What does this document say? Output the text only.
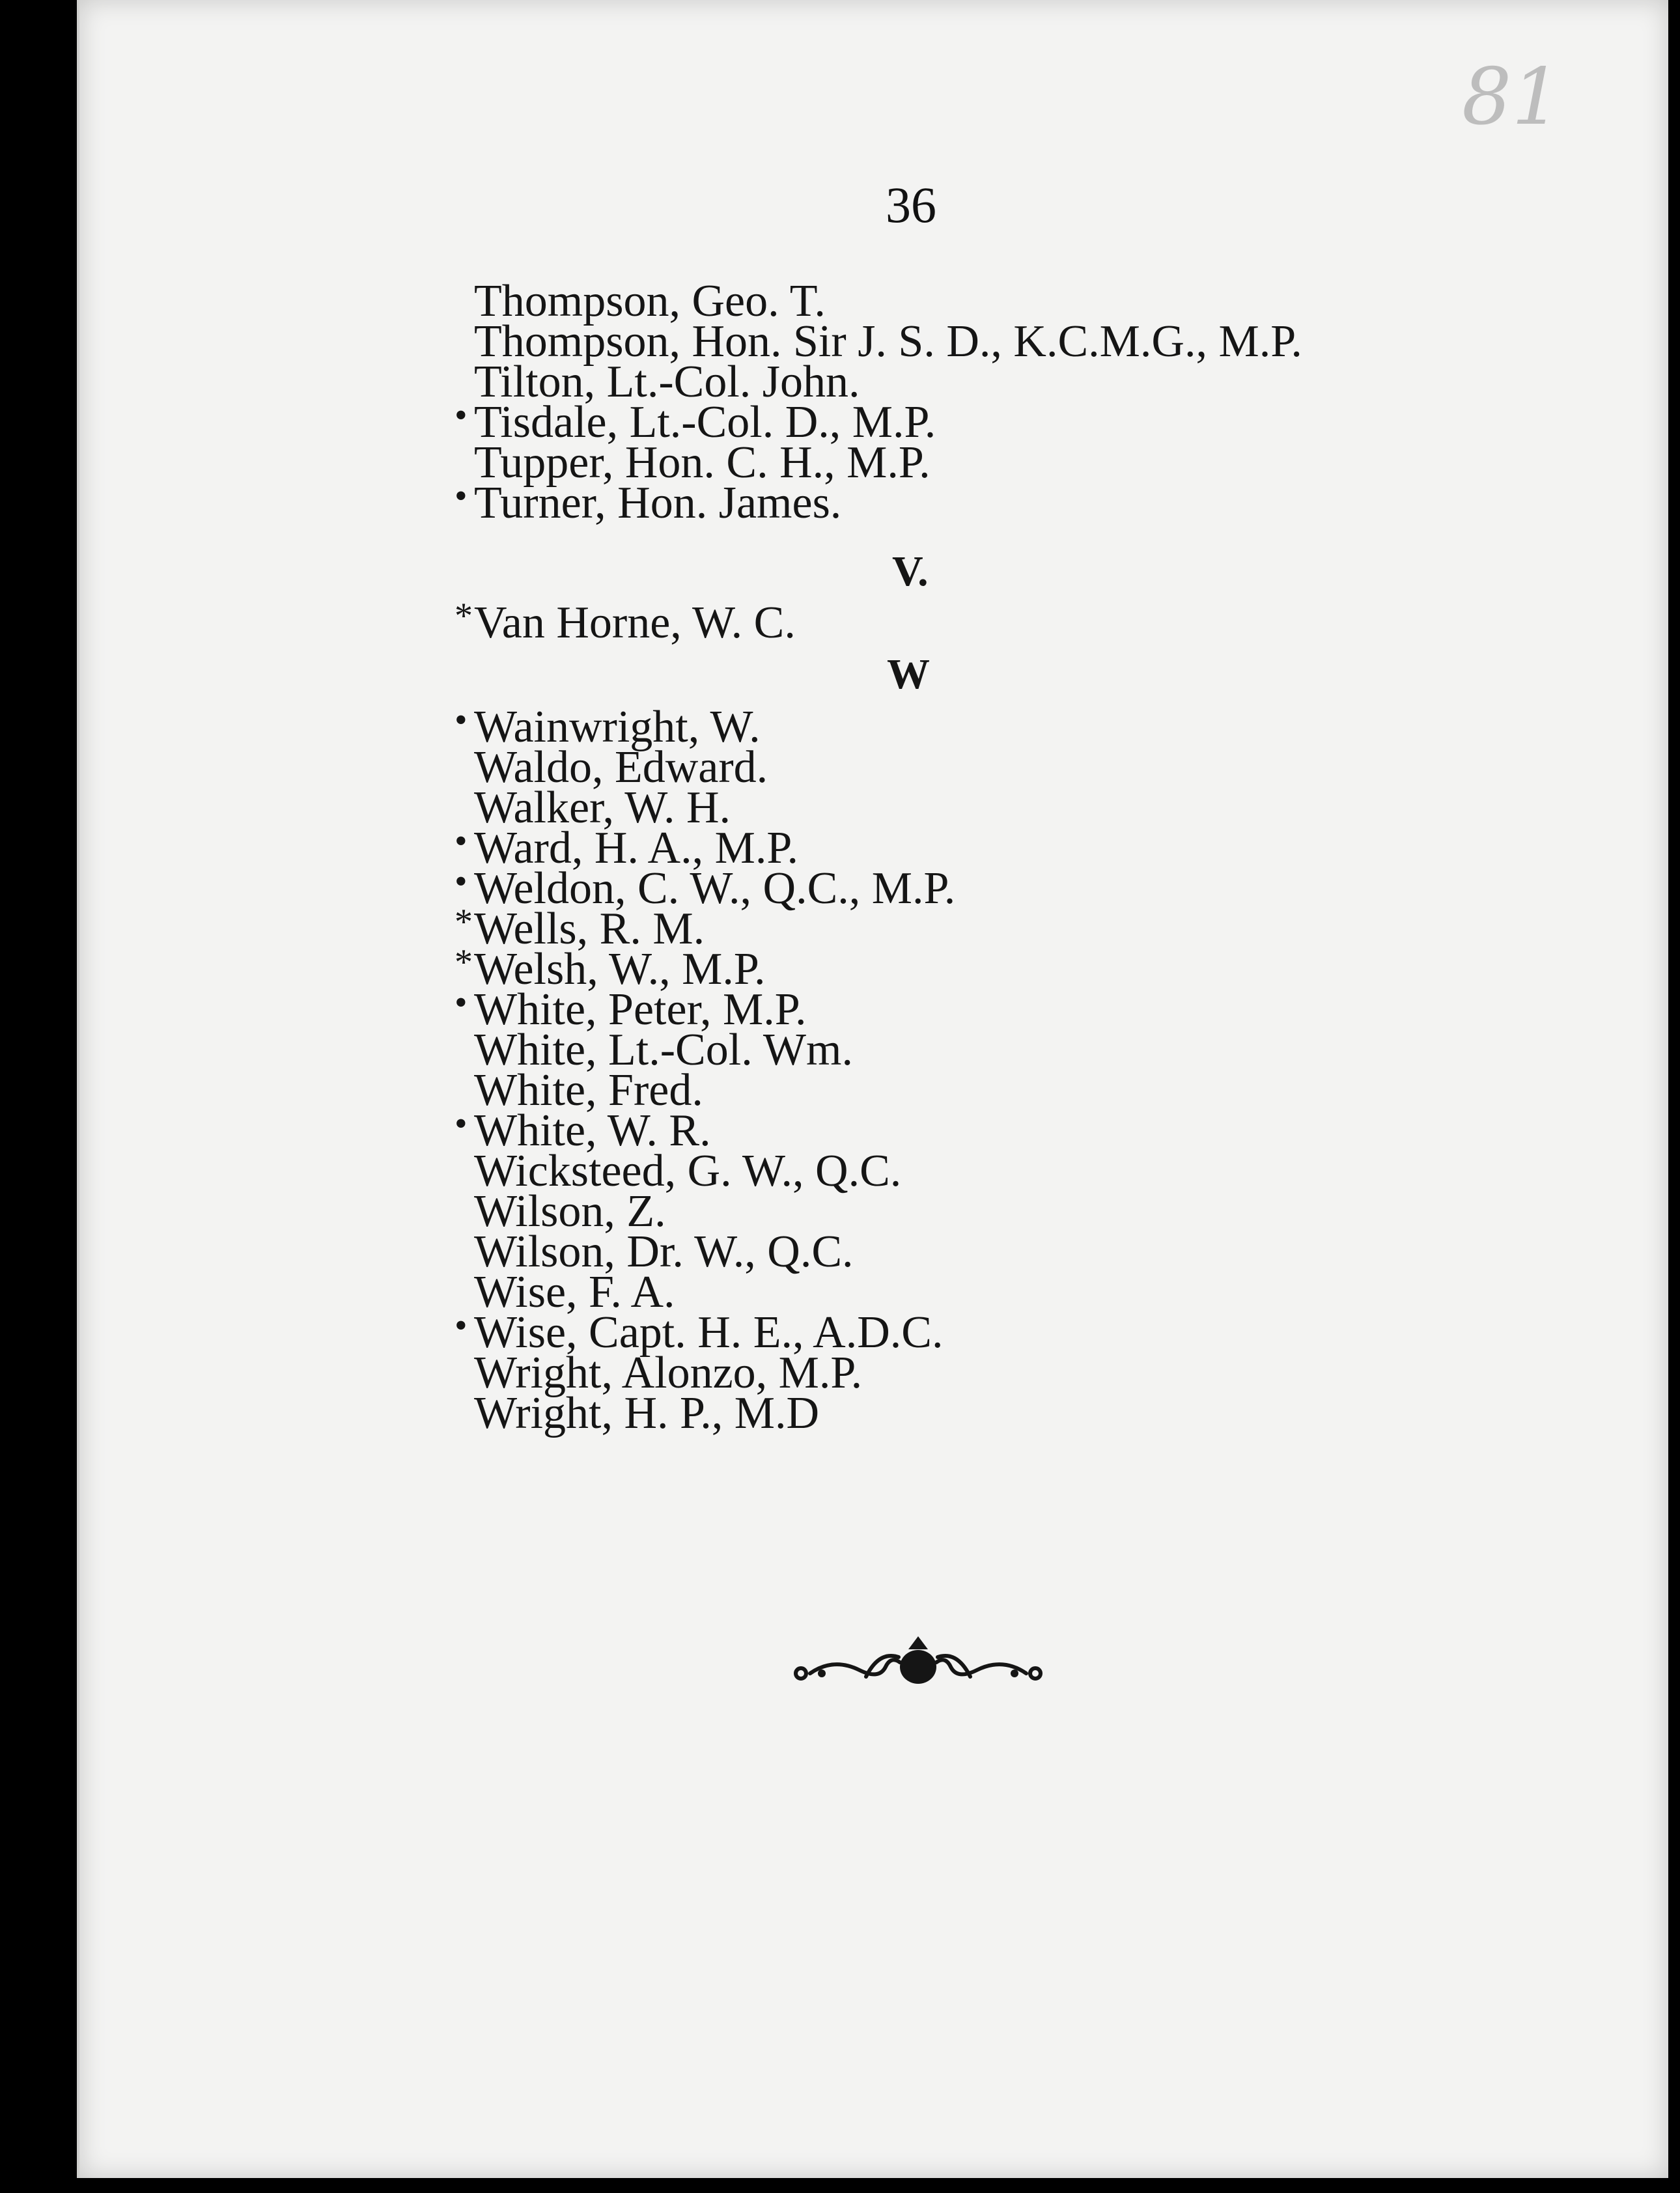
81
36
Thompson, Geo. T.
Thompson, Hon. Sir J. S. D., K.C.M.G., M.P.
Tilton, Lt.-Col. John.
• Tisdale, Lt.-Col. D., M.P.
Tupper, Hon. C. H., M.P.
• Turner, Hon. James.
V.
* Van Horne, W. C.
W
• Wainwright, W.
Waldo, Edward.
Walker, W. H.
• Ward, H. A., M.P.
• Weldon, C. W., Q.C., M.P.
* Wells, R. M.
* Welsh, W., M.P.
• White, Peter, M.P.
White, Lt.-Col. Wm.
White, Fred.
• White, W. R.
Wicksteed, G. W., Q.C.
Wilson, Z.
Wilson, Dr. W., Q.C.
Wise, F. A.
• Wise, Capt. H. E., A.D.C.
Wright, Alonzo, M.P.
Wright, H. P., M.D
